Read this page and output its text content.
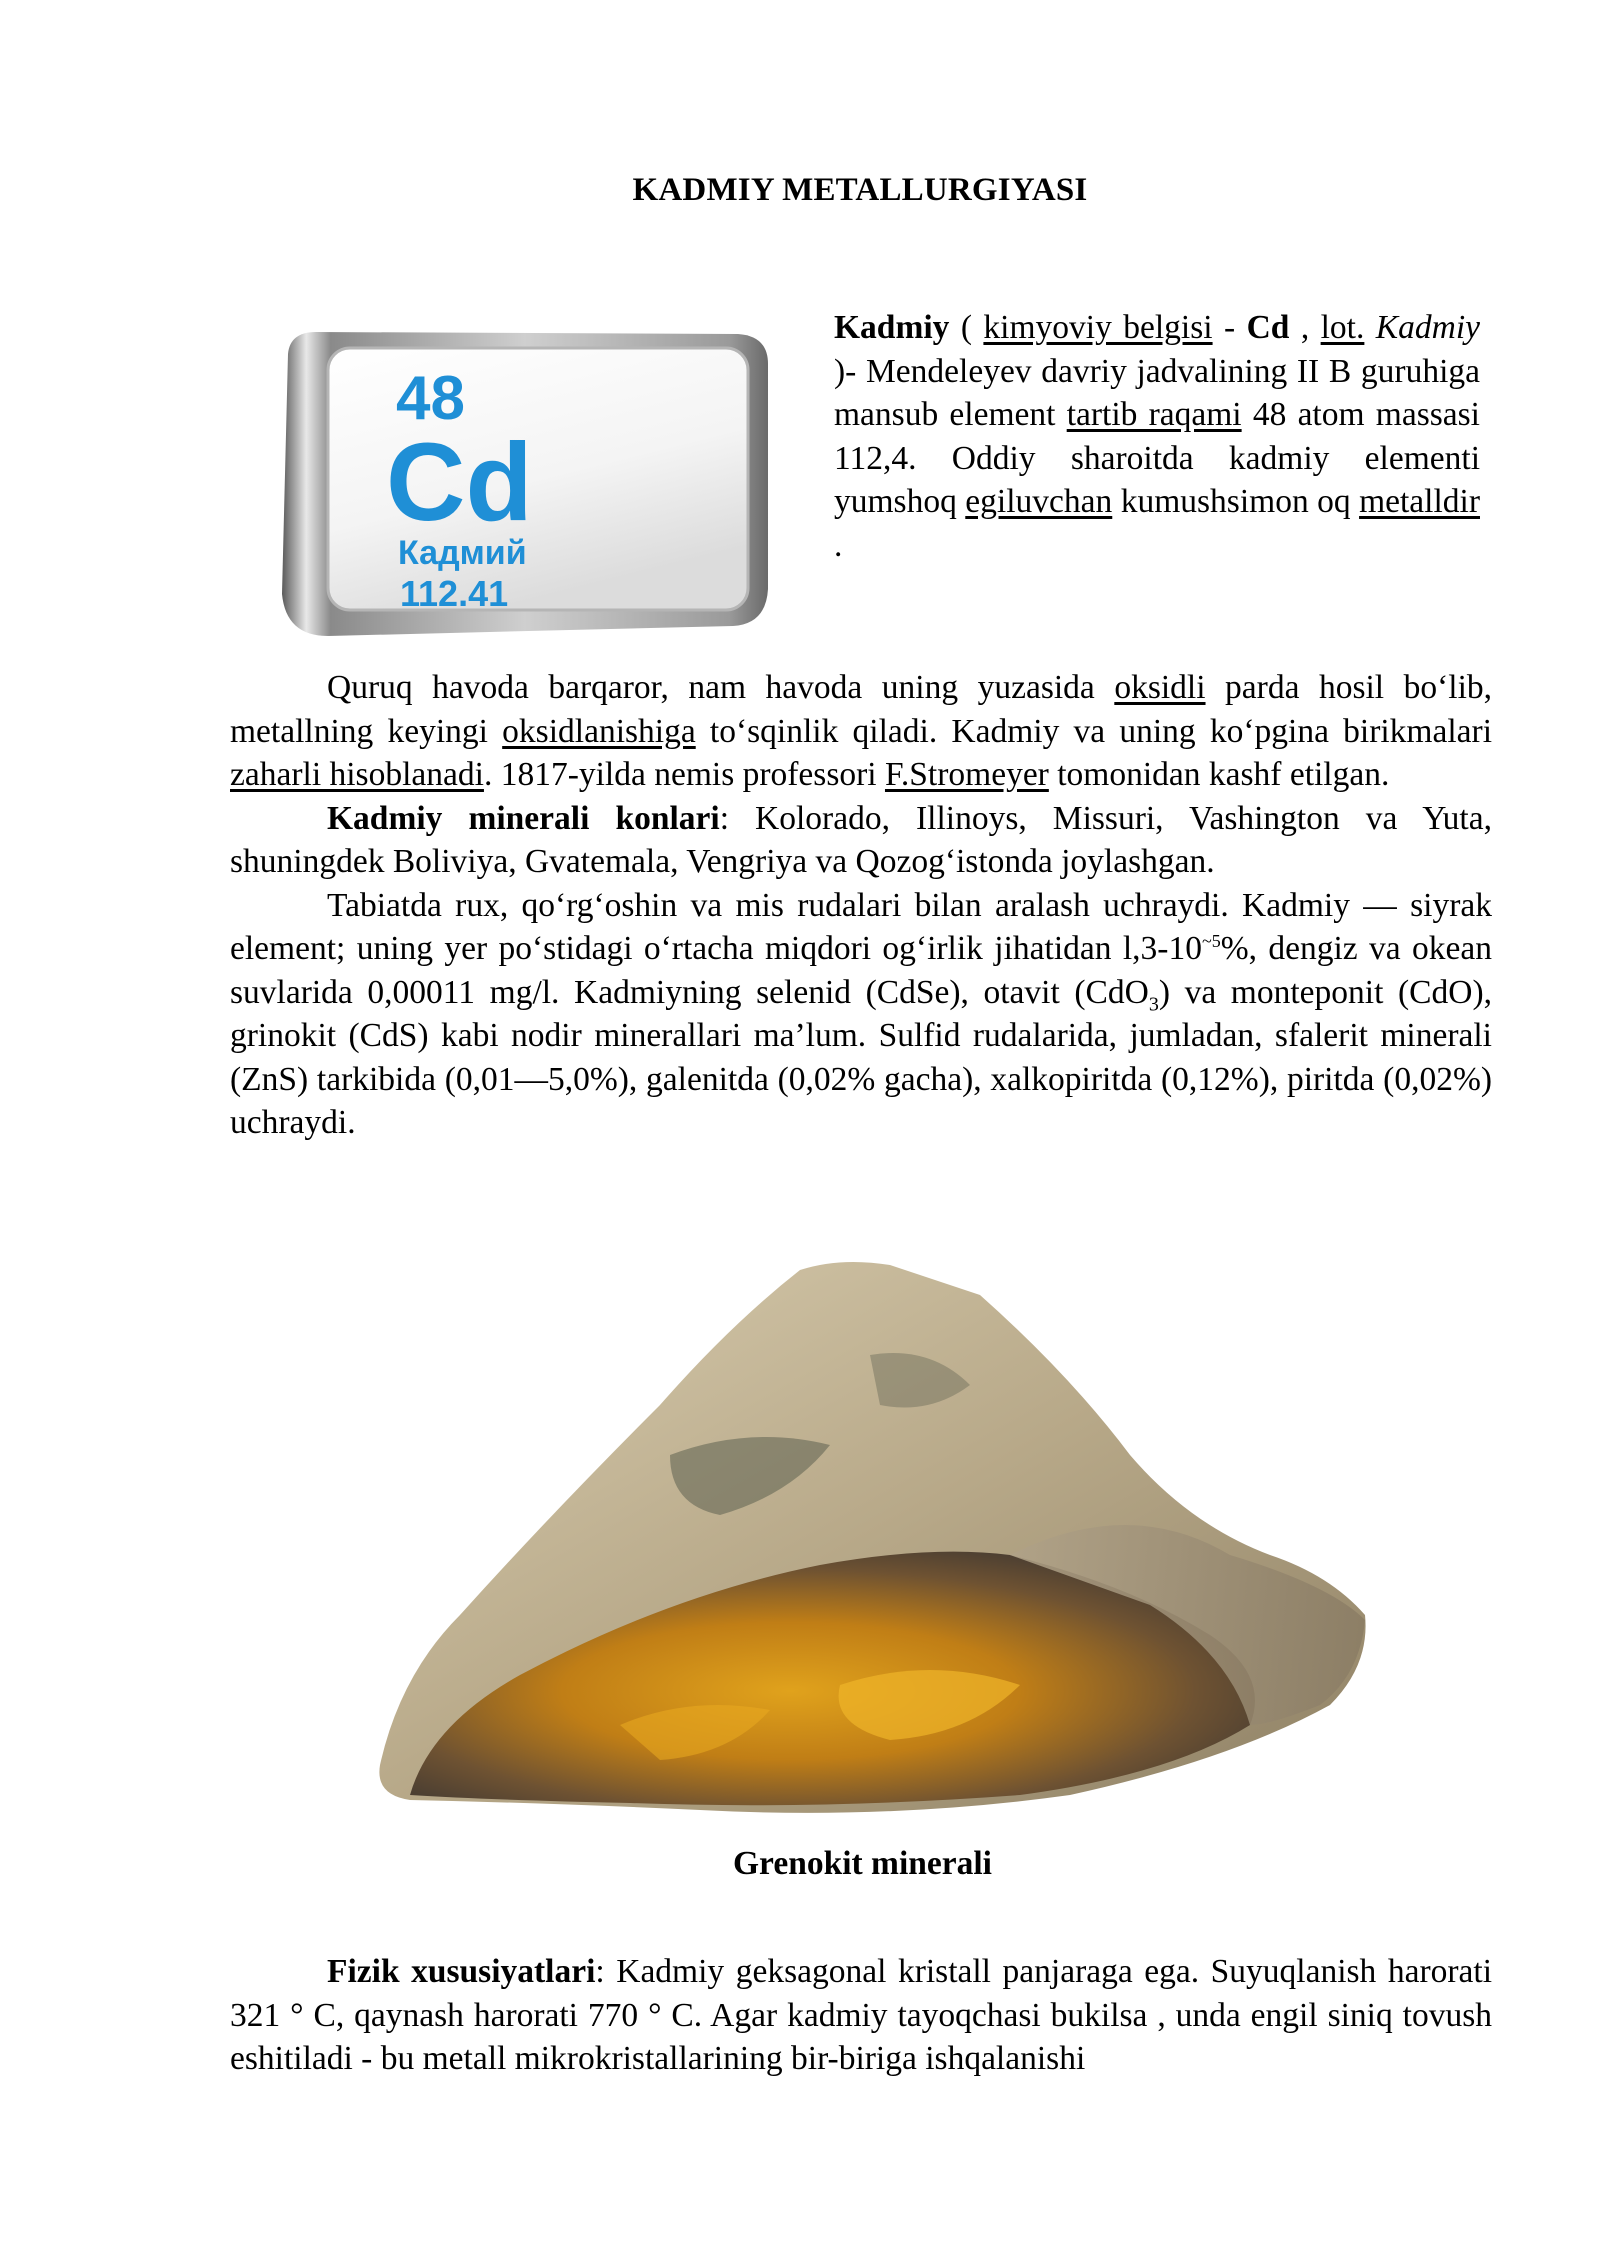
KADMIY METALLURGIYASI
48
Cd
Кадмий
112.41
Kadmiy ( kimyoviy belgisi - Cd , lot. Kadmiy )- Mendeleyev davriy jadvalining II B guruhiga mansub element tartib raqami 48 atom massasi 112,4. Oddiy sharoitda kadmiy elementi yumshoq egiluvchan kumushsimon oq metalldir .

Quruq havoda barqaror, nam havoda uning yuzasida oksidli parda hosil bo‘lib, metallning keyingi oksidlanishiga to‘sqinlik qiladi. Kadmiy va uning ko‘pgina birikmalari zaharli hisoblanadi. 1817-yilda nemis professori F.Stromeyer tomonidan kashf etilgan.

Kadmiy minerali konlari: Kolorado, Illinoys, Missuri, Vashington va Yuta, shuningdek Boliviya, Gvatemala, Vengriya va Qozog‘istonda joylashgan.

Tabiatda rux, qo‘rg‘oshin va mis rudalari bilan aralash uchraydi. Kadmiy — siyrak element; uning yer po‘stidagi o‘rtacha miqdori og‘irlik jihatidan $l,3-10^{\sim 5}\%$, dengiz va okean suvlarida 0,00011 mg/l. Kadmiyning selenid (CdSe), otavit (CdO$_3$) va monteponit (CdO), grinokit (CdS) kabi nodir minerallari ma’lum. Sulfid rudalarida, jumladan, sfalerit minerali (ZnS) tarkibida (0,01—5,0%), galenitda (0,02% gacha), xalkopiritda (0,12%), piritda (0,02%) uchraydi.

Grenokit minerali

Fizik xususiyatlari: Kadmiy geksagonal kristall panjaraga ega. Suyuqlanish harorati 321 ° C, qaynash harorati 770 ° C. Agar kadmiy tayoqchasi bukilsa , unda engil siniq tovush eshitiladi - bu metall mikrokristallarining bir-biriga ishqalanishi
